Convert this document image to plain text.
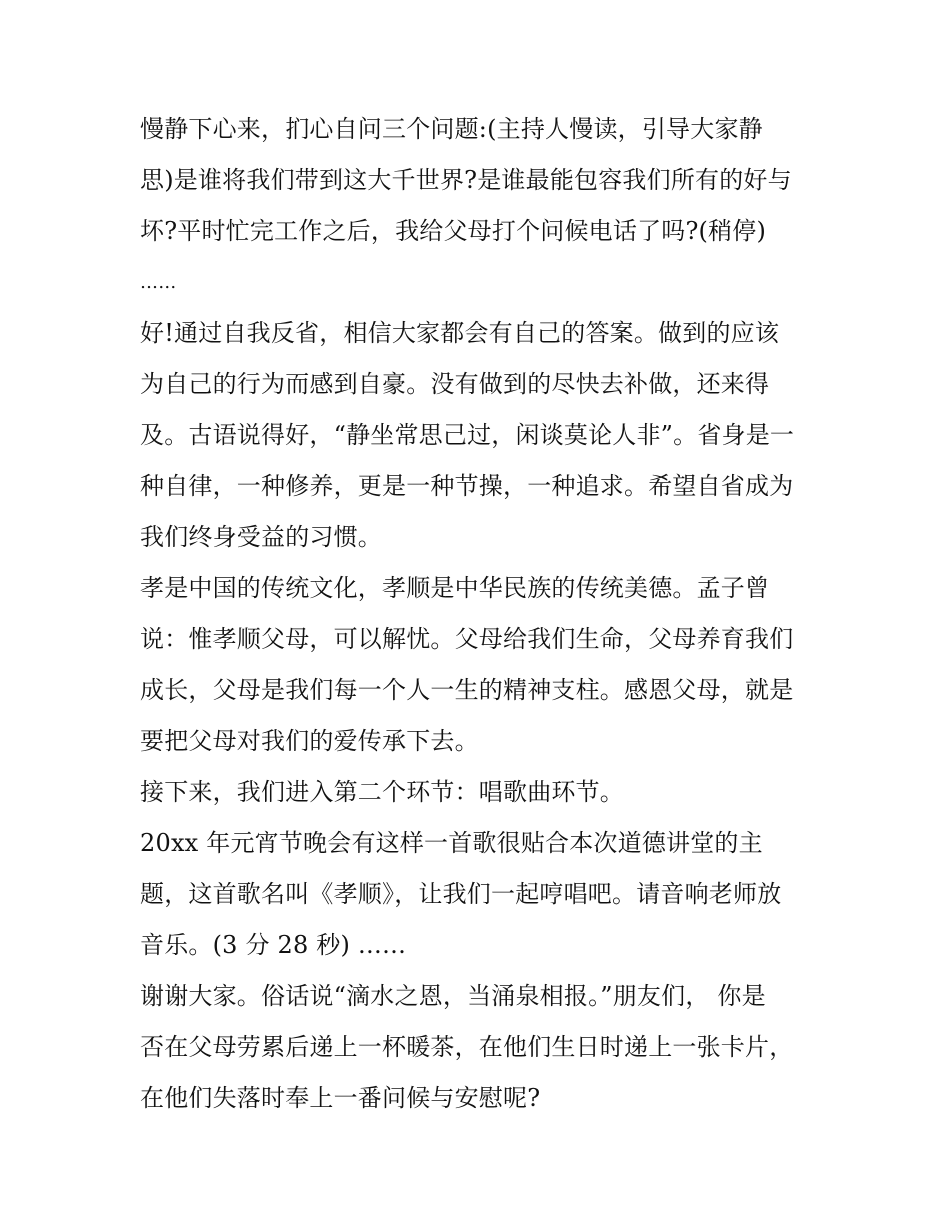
慢静下心来，扪心自问三个问题:(主持人慢读，引导大家静
思)是谁将我们带到这大千世界?是谁最能包容我们所有的好与
坏?平时忙完工作之后，我给父母打个问候电话了吗?(稍停)
……
好!通过自我反省，相信大家都会有自己的答案。做到的应该
为自己的行为而感到自豪。没有做到的尽快去补做，还来得
及。古语说得好，“静坐常思己过，闲谈莫论人非”。省身是一
种自律，一种修养，更是一种节操，一种追求。希望自省成为
我们终身受益的习惯。
孝是中国的传统文化，孝顺是中华民族的传统美德。孟子曾
说：惟孝顺父母，可以解忧。父母给我们生命，父母养育我们
成长，父母是我们每一个人一生的精神支柱。感恩父母，就是
要把父母对我们的爱传承下去。
接下来，我们进入第二个环节：唱歌曲环节。
20xx 年元宵节晚会有这样一首歌很贴合本次道德讲堂的主
题，这首歌名叫《孝顺》，让我们一起哼唱吧。请音响老师放
音乐。(3 分 28 秒) ……
谢谢大家。俗话说“滴水之恩，当涌泉相报。”朋友们， 你是
否在父母劳累后递上一杯暖茶，在他们生日时递上一张卡片，
在他们失落时奉上一番问候与安慰呢?
